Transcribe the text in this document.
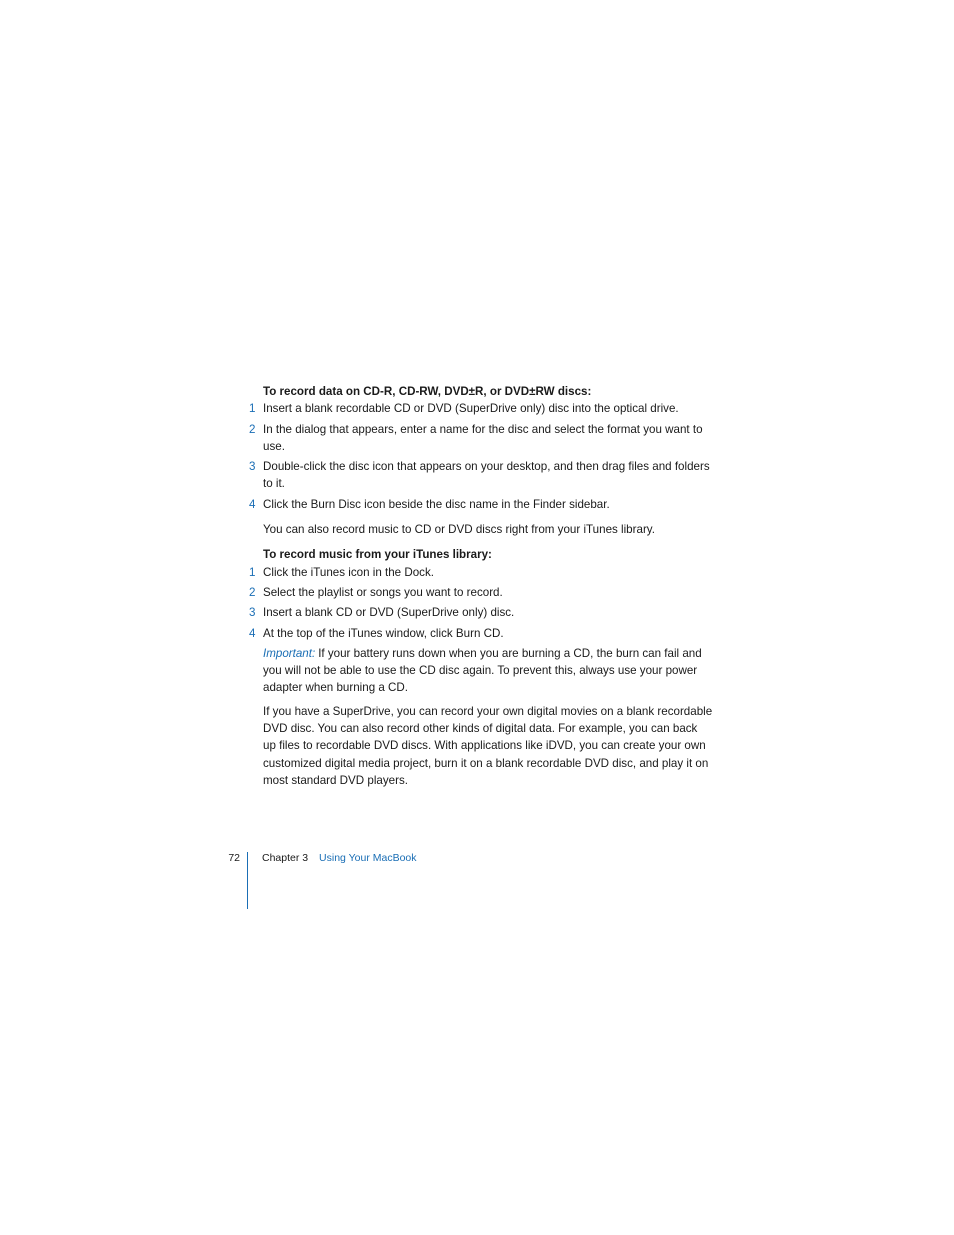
To record data on CD-R, CD-RW, DVD±R, or DVD±RW discs:

1 Insert a blank recordable CD or DVD (SuperDrive only) disc into the optical drive.
2 In the dialog that appears, enter a name for the disc and select the format you want to use.
3 Double-click the disc icon that appears on your desktop, and then drag files and folders to it.
4 Click the Burn Disc icon beside the disc name in the Finder sidebar.

You can also record music to CD or DVD discs right from your iTunes library.

To record music from your iTunes library:

1 Click the iTunes icon in the Dock.
2 Select the playlist or songs you want to record.
3 Insert a blank CD or DVD (SuperDrive only) disc.
4 At the top of the iTunes window, click Burn CD.

Important: If your battery runs down when you are burning a CD, the burn can fail and you will not be able to use the CD disc again. To prevent this, always use your power adapter when burning a CD.

If you have a SuperDrive, you can record your own digital movies on a blank recordable DVD disc. You can also record other kinds of digital data. For example, you can back up files to recordable DVD discs. With applications like iDVD, you can create your own customized digital media project, burn it on a blank recordable DVD disc, and play it on most standard DVD players.

72 Chapter 3 Using Your MacBook
